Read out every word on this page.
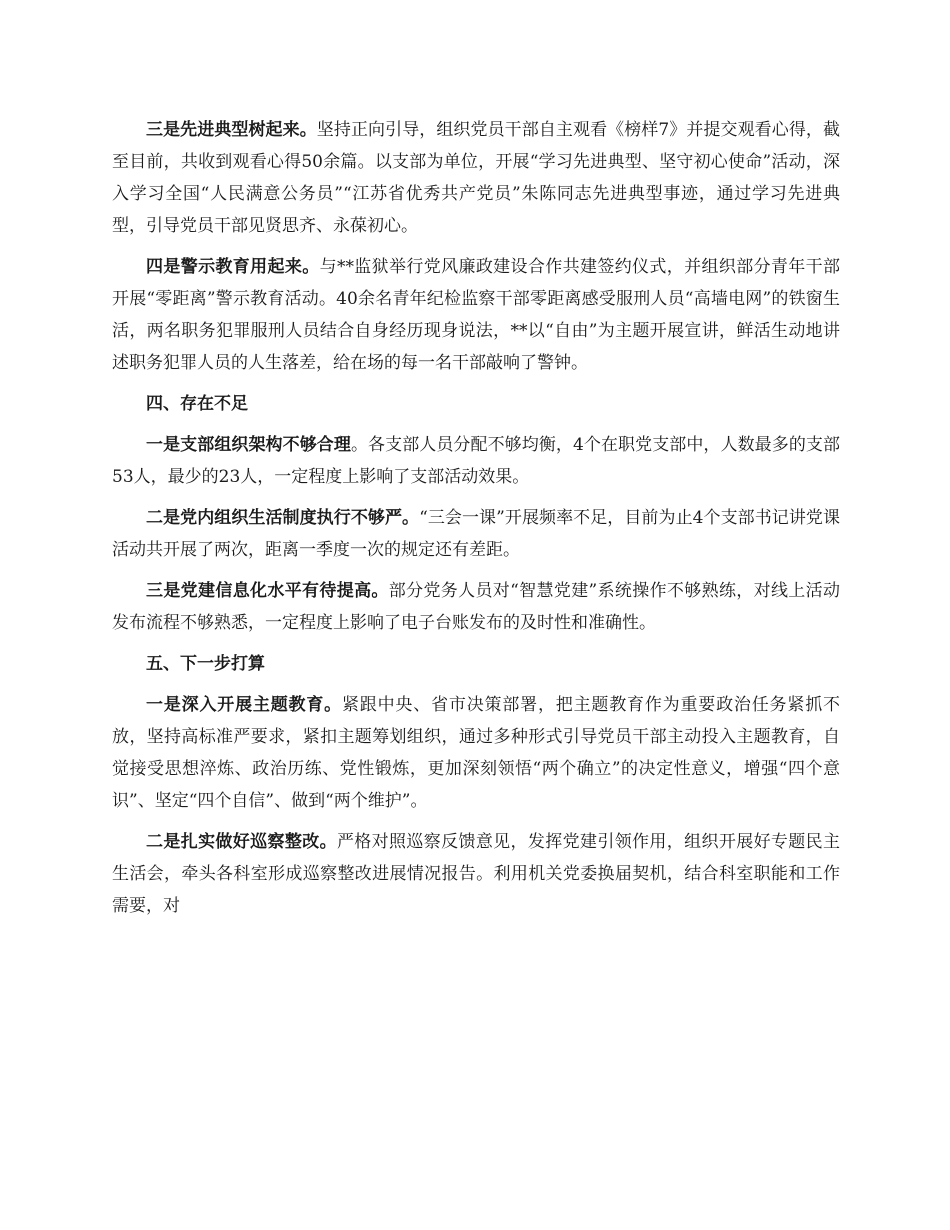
三是先进典型树起来。坚持正向引导，组织党员干部自主观看《榜样7》并提交观看心得，截至目前，共收到观看心得50余篇。以支部为单位，开展“学习先进典型、坚守初心使命”活动，深入学习全国“人民满意公务员”“江苏省优秀共产党员”朱陈同志先进典型事迹，通过学习先进典型，引导党员干部见贤思齐、永葆初心。

四是警示教育用起来。与**监狱举行党风廉政建设合作共建签约仪式，并组织部分青年干部开展“零距离”警示教育活动。40余名青年纪检监察干部零距离感受服刑人员“高墙电网”的铁窗生活，两名职务犯罪服刑人员结合自身经历现身说法，**以“自由”为主题开展宣讲，鲜活生动地讲述职务犯罪人员的人生落差，给在场的每一名干部敲响了警钟。

四、存在不足

一是支部组织架构不够合理。各支部人员分配不够均衡，4个在职党支部中，人数最多的支部53人，最少的23人，一定程度上影响了支部活动效果。

二是党内组织生活制度执行不够严。“三会一课”开展频率不足，目前为止4个支部书记讲党课活动共开展了两次，距离一季度一次的规定还有差距。

三是党建信息化水平有待提高。部分党务人员对“智慧党建”系统操作不够熟练，对线上活动发布流程不够熟悉，一定程度上影响了电子台账发布的及时性和准确性。

五、下一步打算

一是深入开展主题教育。紧跟中央、省市决策部署，把主题教育作为重要政治任务紧抓不放，坚持高标准严要求，紧扣主题筹划组织，通过多种形式引导党员干部主动投入主题教育，自觉接受思想淬炼、政治历练、党性锻炼，更加深刻领悟“两个确立”的决定性意义，增强“四个意识”、坚定“四个自信”、做到“两个维护”。

二是扎实做好巡察整改。严格对照巡察反馈意见，发挥党建引领作用，组织开展好专题民主生活会，牵头各科室形成巡察整改进展情况报告。利用机关党委换届契机，结合科室职能和工作需要，对
